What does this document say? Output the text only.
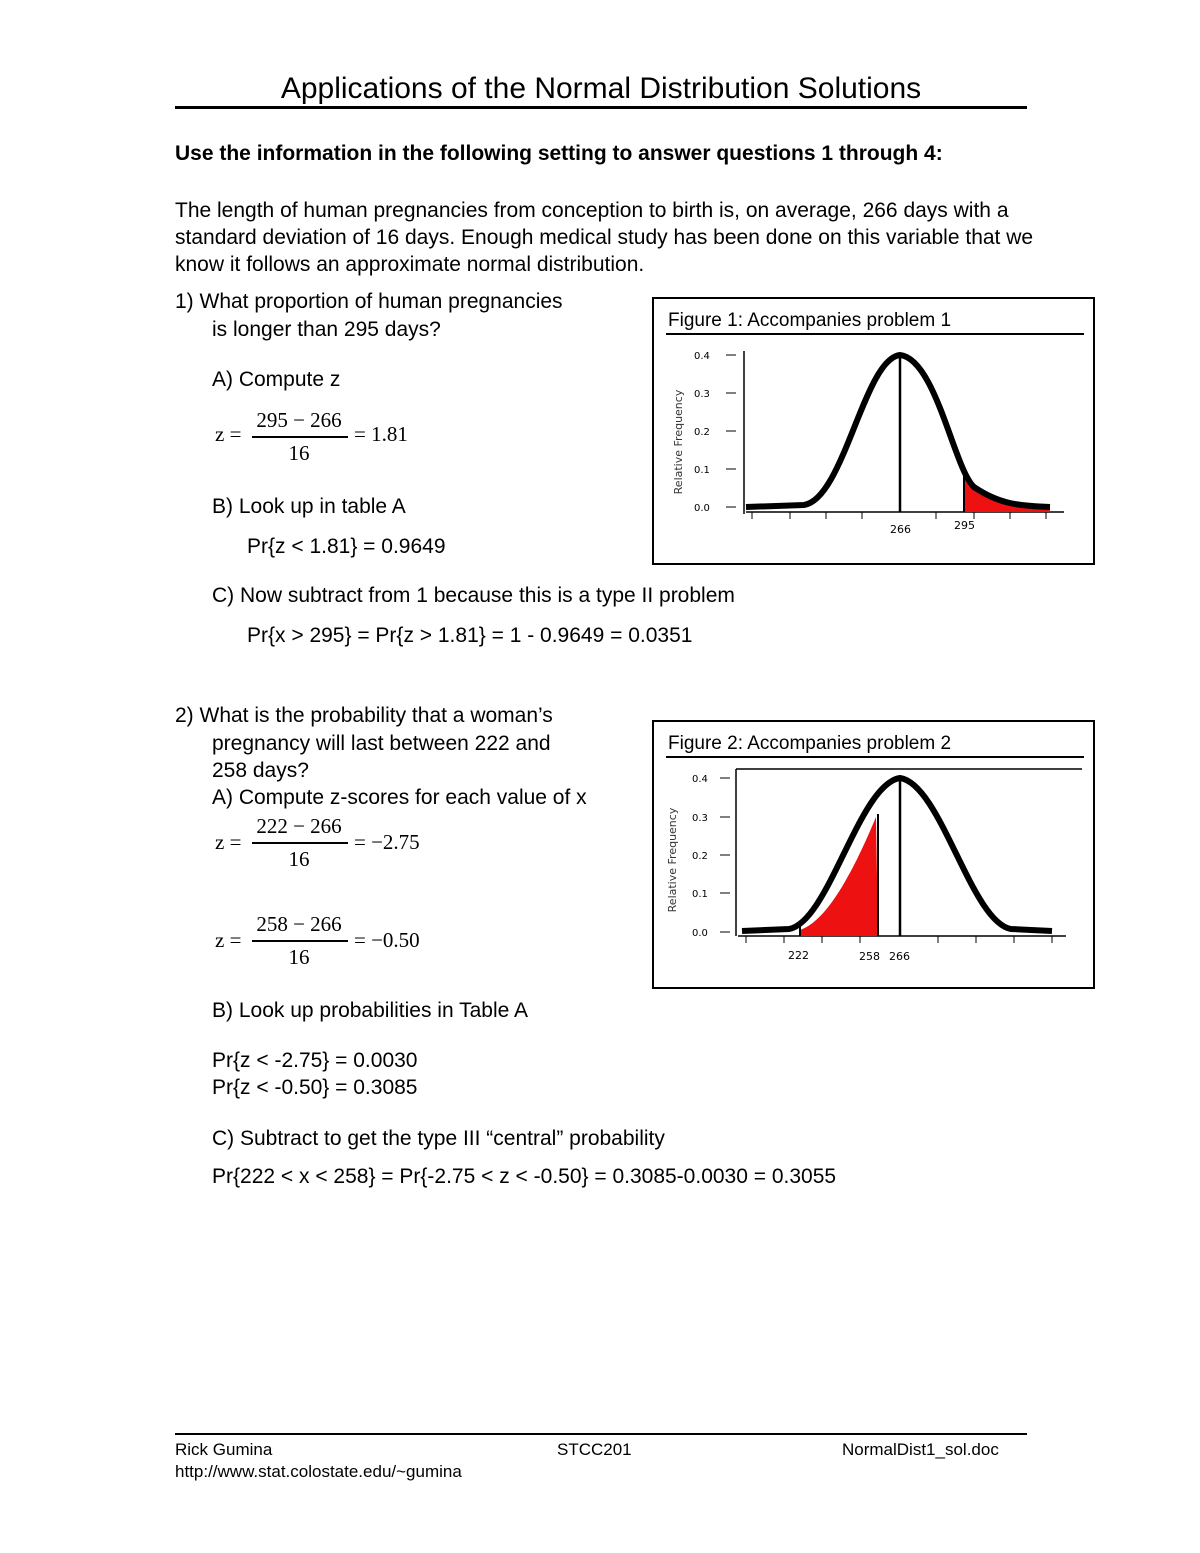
Applications of the Normal Distribution Solutions
Use the information in the following setting to answer questions 1 through 4:
The length of human pregnancies from conception to birth is, on average, 266 days with a standard deviation of 16 days. Enough medical study has been done on this variable that we know it follows an approximate normal distribution.
1) What proportion of human pregnancies
is longer than 295 days?
A) Compute z
z =
295 − 266
16
= 1.81
B) Look up in table A
Pr{z < 1.81} = 0.9649
C) Now subtract from 1 because this is a type II problem
Pr{x > 295} = Pr{z > 1.81} = 1 - 0.9649 = 0.0351
Figure 1: Accompanies problem 1
Relative Frequency
0.4
0.3
0.2
0.1
0.0
266	295
2) What is the probability that a woman’s
pregnancy will last between 222 and
258 days?
A) Compute z-scores for each value of x
z =
222 − 266
16
= −2.75
z =
258 − 266
16
= −0.50
B) Look up probabilities in Table A
Pr{z < -2.75} = 0.0030
Pr{z < -0.50} = 0.3085
C) Subtract to get the type III “central” probability
Pr{222 < x < 258} = Pr{-2.75 < z < -0.50} = 0.3085-0.0030 = 0.3055
Figure 2: Accompanies problem 2
Relative Frequency
0.4
0.3
0.2
0.1
0.0
222	258 266
Rick Gumina	STCC201	NormalDist1_sol.doc
http://www.stat.colostate.edu/~gumina
